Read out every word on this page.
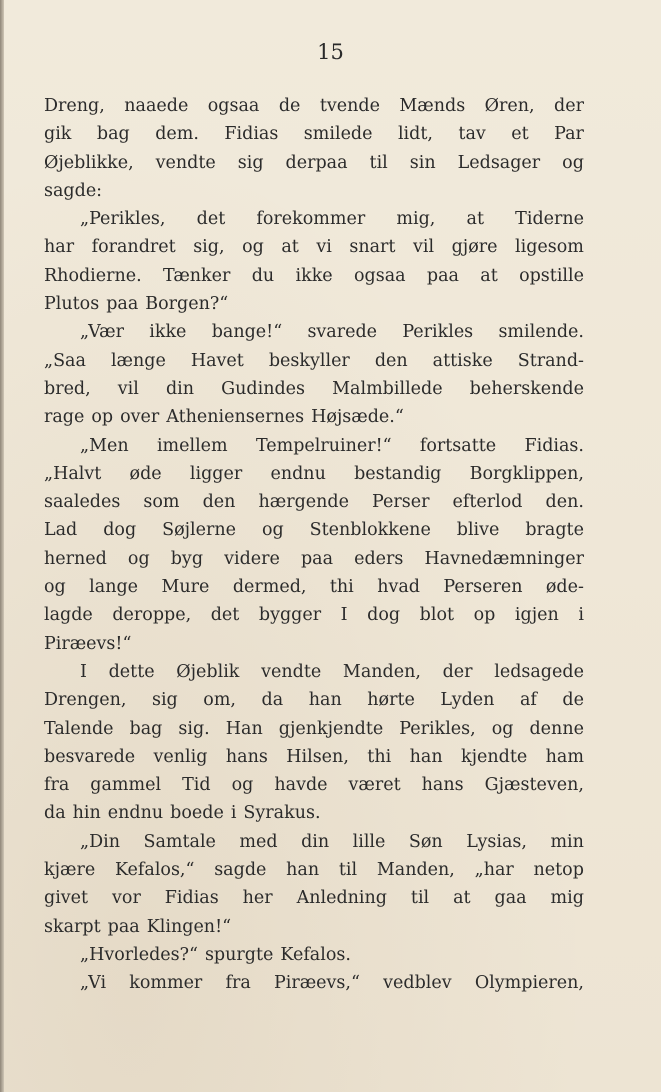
15
Dreng, naaede ogsaa de tvende Mænds Øren, der
gik bag dem. Fidias smilede lidt, tav et Par
Øjeblikke, vendte sig derpaa til sin Ledsager og
sagde:
„Perikles, det forekommer mig, at Tiderne
har forandret sig, og at vi snart vil gjøre ligesom
Rhodierne. Tænker du ikke ogsaa paa at opstille
Plutos paa Borgen?“
„Vær ikke bange!“ svarede Perikles smilende.
„Saa længe Havet beskyller den attiske Strand-
bred, vil din Gudindes Malmbillede beherskende
rage op over Atheniensernes Højsæde.“
„Men imellem Tempelruiner!“ fortsatte Fidias.
„Halvt øde ligger endnu bestandig Borgklippen,
saaledes som den hærgende Perser efterlod den.
Lad dog Søjlerne og Stenblokkene blive bragte
herned og byg videre paa eders Havnedæmninger
og lange Mure dermed, thi hvad Perseren øde-
lagde deroppe, det bygger I dog blot op igjen i
Piræevs!“
I dette Øjeblik vendte Manden, der ledsagede
Drengen, sig om, da han hørte Lyden af de
Talende bag sig. Han gjenkjendte Perikles, og denne
besvarede venlig hans Hilsen, thi han kjendte ham
fra gammel Tid og havde været hans Gjæsteven,
da hin endnu boede i Syrakus.
„Din Samtale med din lille Søn Lysias, min
kjære Kefalos,“ sagde han til Manden, „har netop
givet vor Fidias her Anledning til at gaa mig
skarpt paa Klingen!“
„Hvorledes?“ spurgte Kefalos.
„Vi kommer fra Piræevs,“ vedblev Olympieren,
